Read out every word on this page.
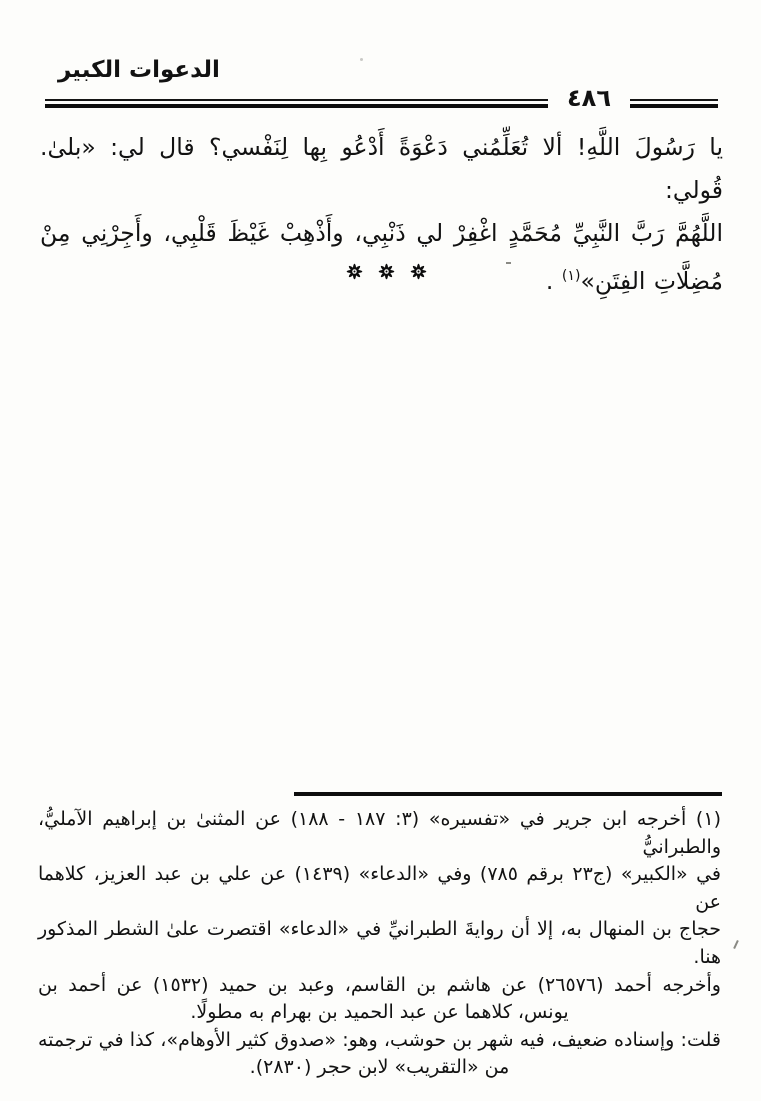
الدعوات الكبير
٤٨٦
يا رَسُولَ اللَّهِ! ألا تُعَلِّمُني دَعْوَةً أَدْعُو بِها لِنَفْسي؟ قال لي: «بلىٰ. قُولي:
اللَّهُمَّ رَبَّ النَّبِيِّ مُحَمَّدٍ اغْفِرْ لي ذَنْبِي، وأَذْهِبْ غَيْظَ قَلْبِي، وأَجِرْنِي مِنْ
مُضِلَّاتِ الفِتَنِ»$^{(١)}$ .
(١) أخرجه ابن جرير في «تفسيره» (٣: ١٨٧ - ١٨٨) عن المثنىٰ بن إبراهيم الآمليُّ، والطبرانيُّ
في «الكبير» (ج٢٣ برقم ٧٨٥) وفي «الدعاء» (١٤٣٩) عن علي بن عبد العزيز، كلاهما عن
حجاج بن المنهال به، إلا أن روايةَ الطبرانيِّ في «الدعاء» اقتصرت علىٰ الشطر المذكور هنا.
وأخرجه أحمد (٢٦٥٧٦) عن هاشم بن القاسم، وعبد بن حميد (١٥٣٢) عن أحمد بن
يونس، كلاهما عن عبد الحميد بن بهرام به مطولًا.
قلت: وإسناده ضعيف، فيه شهر بن حوشب، وهو: «صدوق كثير الأوهام»، كذا في ترجمته
من «التقريب» لابن حجر (٢٨٣٠).
